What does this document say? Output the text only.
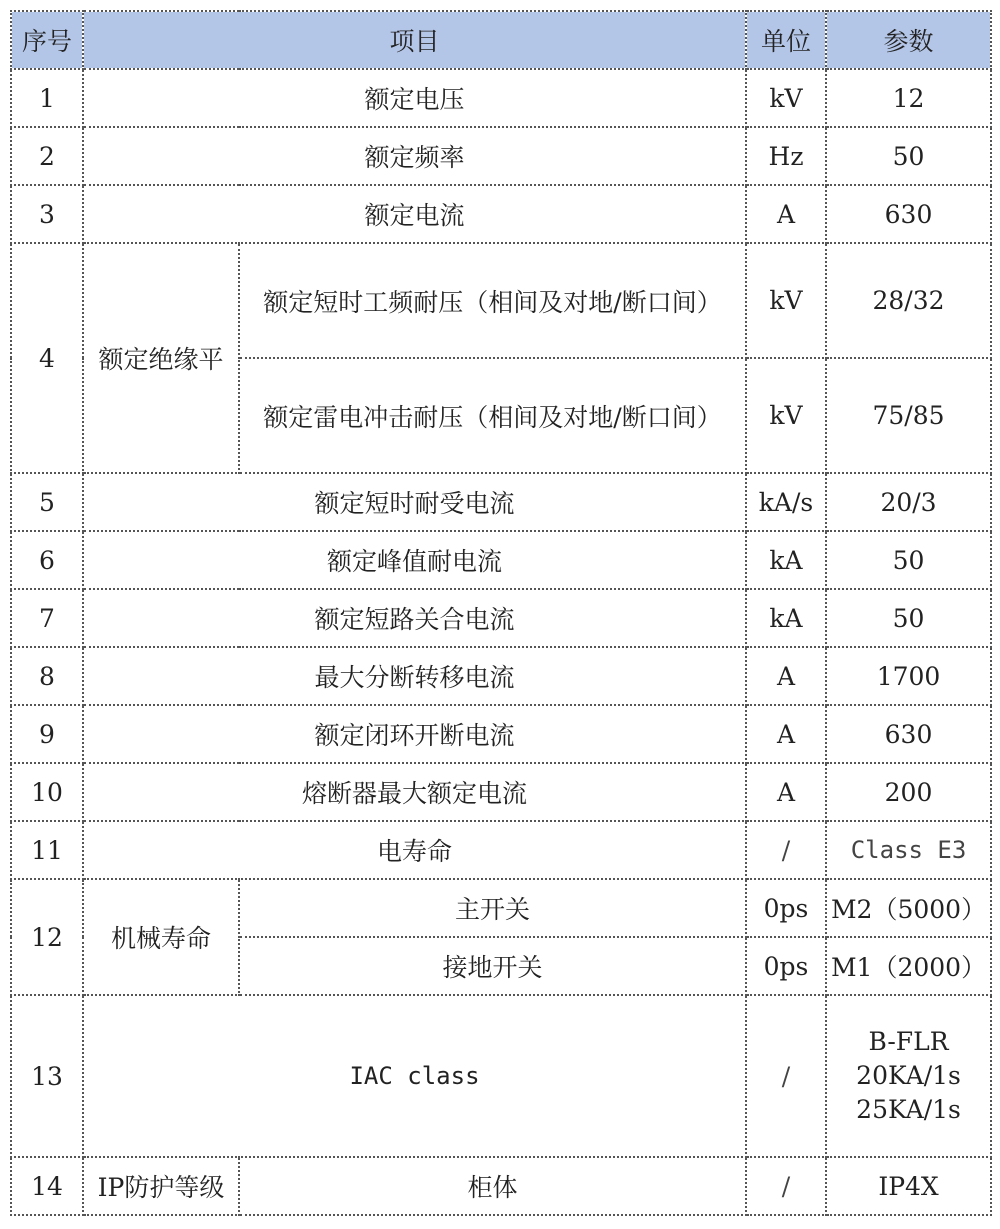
序号	项目		单位	参数
1	额定电压		kV	12
2	额定频率		Hz	50
3	额定电流		A	630
4	额定绝缘平	额定短时工频耐压（相间及对地/断口间）	kV	28/32
		额定雷电冲击耐压（相间及对地/断口间）	kV	75/85
5	额定短时耐受电流		kA/s	20/3
6	额定峰值耐电流		kA	50
7	额定短路关合电流		kA	50
8	最大分断转移电流		A	1700
9	额定闭环开断电流		A	630
10	熔断器最大额定电流		A	200
11	电寿命		/	Class E3
12	机械寿命	主开关	0ps	M2（5000）
		接地开关	0ps	M1（2000）
13	IAC class		/	B-FLR
20KA/1s
25KA/1s

14	IP防护等级	柜体	/	IP4X
